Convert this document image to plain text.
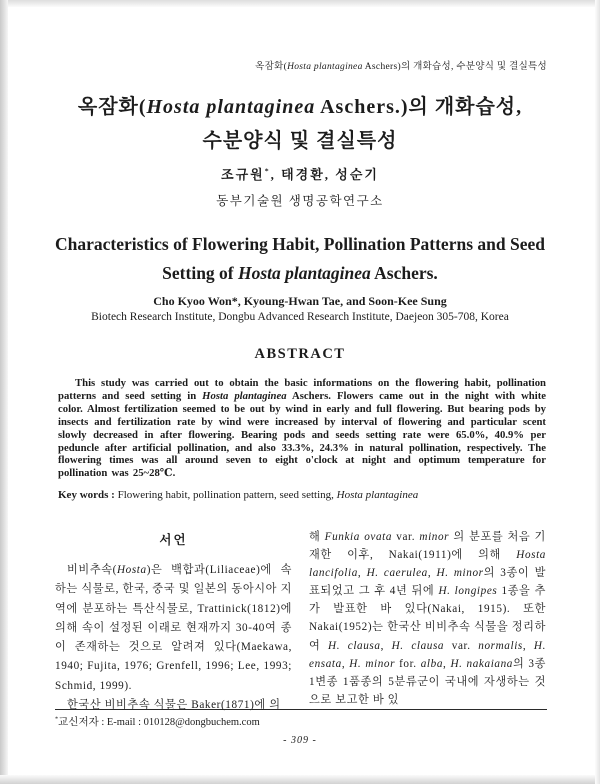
옥잠화(Hosta plantaginea Aschers)의 개화습성, 수분양식 및 결실특성
옥잠화(Hosta plantaginea Aschers.)의 개화습성,
수분양식 및 결실특성
조규원*, 태경환, 성순기
동부기술원 생명공학연구소
Characteristics of Flowering Habit, Pollination Patterns and Seed
Setting of Hosta plantaginea Aschers.
Cho Kyoo Won*, Kyoung-Hwan Tae, and Soon-Kee Sung
Biotech Research Institute, Dongbu Advanced Research Institute, Daejeon 305-708, Korea
ABSTRACT
This study was carried out to obtain the basic informations on the flowering habit, pollination patterns and seed setting in Hosta plantaginea Aschers. Flowers came out in the night with white color. Almost fertilization seemed to be out by wind in early and full flowering. But bearing pods by insects and fertilization rate by wind were increased by interval of flowering and particular scent slowly decreased in after flowering. Bearing pods and seeds setting rate were 65.0%, 40.9% per peduncle after artificial pollination, and also 33.3%, 24.3% in natural pollination, respectively. The flowering times was all around seven to eight o'clock at night and optimum temperature for pollination was 25~28℃.
Key words : Flowering habit, pollination pattern, seed setting, Hosta plantaginea
서언

비비추속(Hosta)은 백합과(Liliaceae)에 속하는 식물로, 한국, 중국 및 일본의 동아시아 지역에 분포하는 특산식물로, Trattinick(1812)에 의해 속이 설정된 이래로 현재까지 30-40여 종이 존재하는 것으로 알려져 있다(Maekawa, 1940; Fujita, 1976; Grenfell, 1996; Lee, 1993; Schmid, 1999).

한국산 비비추속 식물은 Baker(1871)에 의

해 Funkia ovata var. minor 의 분포를 처음 기재한 이후, Nakai(1911)에 의해 Hosta lancifolia, H. caerulea, H. minor의 3종이 발표되었고 그 후 4년 뒤에 H. longipes 1종을 추가 발표한 바 있다(Nakai, 1915). 또한 Nakai(1952)는 한국산 비비추속 식물을 정리하여 H. clausa, H. clausa var. normalis, H. ensata, H. minor for. alba, H. nakaiana의 3종 1변종 1품종의 5분류군이 국내에 자생하는 것으로 보고한 바 있

*교신저자 : E-mail : 010128@dongbuchem.com
- 309 -
